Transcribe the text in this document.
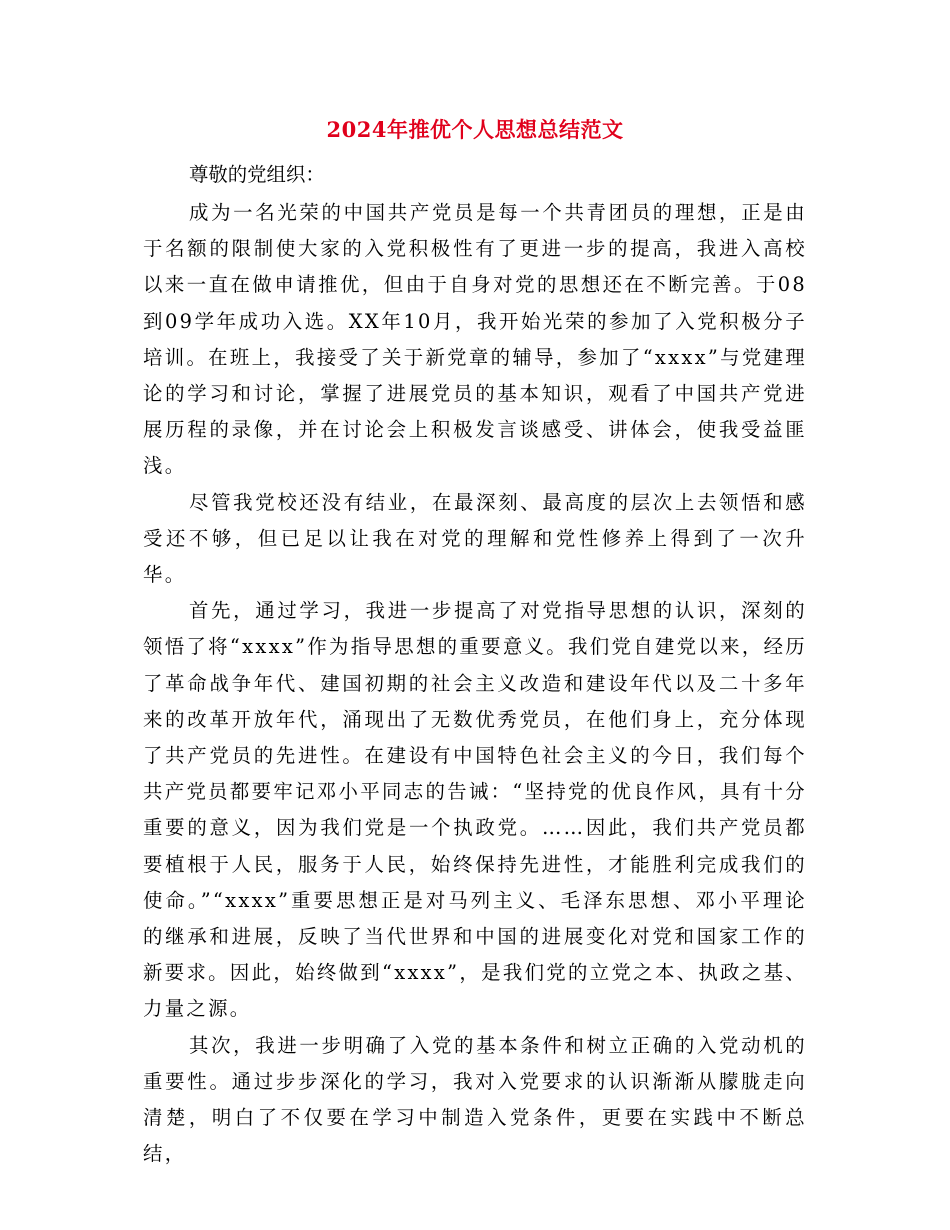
2024年推优个人思想总结范文

尊敬的党组织：

成为一名光荣的中国共产党员是每一个共青团员的理想，正是由于名额的限制使大家的入党积极性有了更进一步的提高，我进入高校以来一直在做申请推优，但由于自身对党的思想还在不断完善。于08到09学年成功入选。XX年10月，我开始光荣的参加了入党积极分子培训。在班上，我接受了关于新党章的辅导，参加了“xxxx”与党建理论的学习和讨论，掌握了进展党员的基本知识，观看了中国共产党进展历程的录像，并在讨论会上积极发言谈感受、讲体会，使我受益匪浅。

尽管我党校还没有结业，在最深刻、最高度的层次上去领悟和感受还不够，但已足以让我在对党的理解和党性修养上得到了一次升华。

首先，通过学习，我进一步提高了对党指导思想的认识，深刻的领悟了将“xxxx”作为指导思想的重要意义。我们党自建党以来，经历了革命战争年代、建国初期的社会主义改造和建设年代以及二十多年来的改革开放年代，涌现出了无数优秀党员，在他们身上，充分体现了共产党员的先进性。在建设有中国特色社会主义的今日，我们每个共产党员都要牢记邓小平同志的告诫：“坚持党的优良作风，具有十分重要的意义，因为我们党是一个执政党。……因此，我们共产党员都要植根于人民，服务于人民，始终保持先进性，才能胜利完成我们的使命。”“xxxx”重要思想正是对马列主义、毛泽东思想、邓小平理论的继承和进展，反映了当代世界和中国的进展变化对党和国家工作的新要求。因此，始终做到“xxxx”，是我们党的立党之本、执政之基、力量之源。

其次，我进一步明确了入党的基本条件和树立正确的入党动机的重要性。通过步步深化的学习，我对入党要求的认识渐渐从朦胧走向清楚，明白了不仅要在学习中制造入党条件，更要在实践中不断总结，
